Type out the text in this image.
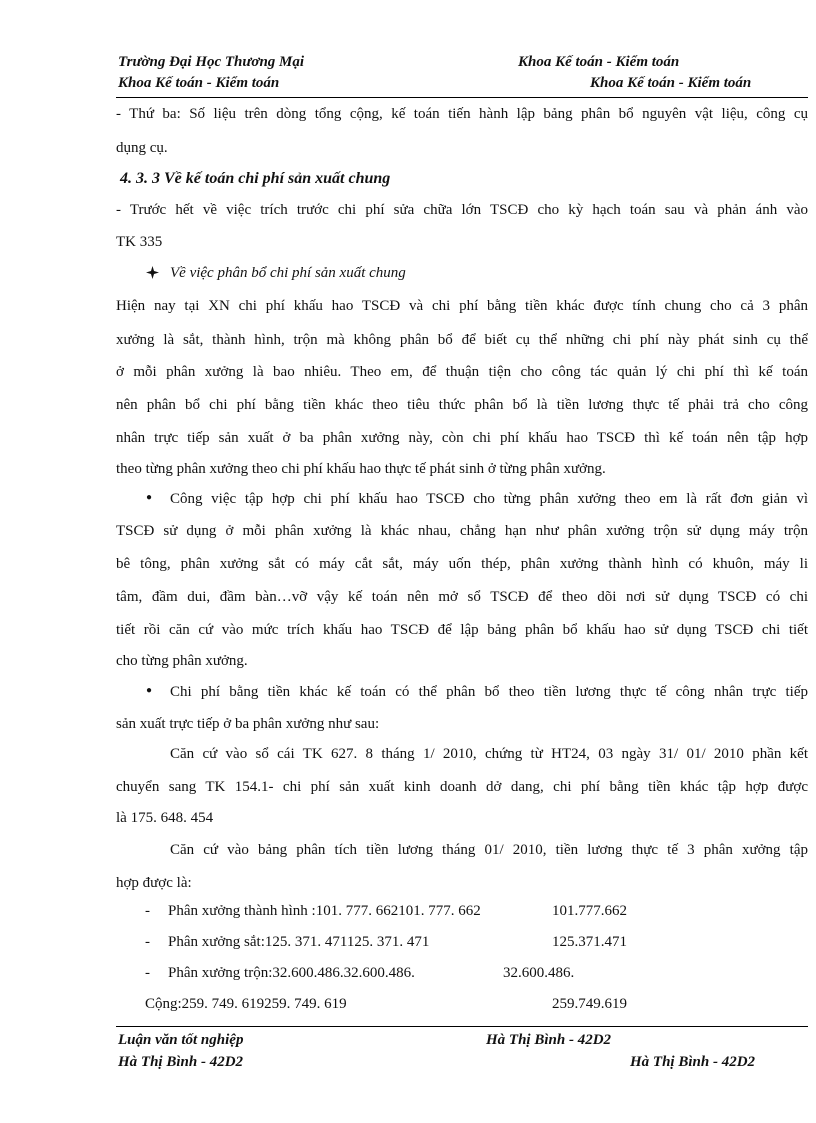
Trường Đại Học Thương Mại	Khoa Kế toán - Kiểm toán
Khoa Kế toán - Kiểm toán	Khoa Kế toán - Kiểm toán
- Thứ ba: Số liệu trên dòng tổng cộng, kế toán tiến hành lập bảng phân bổ nguyên vật liệu, công cụ
dụng cụ.
4. 3. 3 Về kế toán chi phí sản xuất chung
- Trước hết về việc trích trước chi phí sửa chữa lớn TSCĐ cho kỳ hạch toán sau và phản ánh vào
TK 335
Về việc phân bổ chi phí sản xuất chung
Hiện nay tại XN chi phí khấu hao TSCĐ và chi phí bằng tiền khác được tính chung cho cả 3 phân
xưởng là sắt, thành hình, trộn mà không phân bổ để biết cụ thể những chi phí này phát sinh cụ thể
ở mỗi phân xưởng là bao nhiêu. Theo em, để thuận tiện cho công tác quản lý chi phí thì kế toán
nên phân bổ chi phí bằng tiền khác theo tiêu thức phân bổ là tiền lương thực tế phải trả cho công
nhân trực tiếp sản xuất ở ba phân xưởng này, còn chi phí khấu hao TSCĐ thì kế toán nên tập hợp
theo từng phân xưởng theo chi phí khấu hao thực tế phát sinh ở từng phân xưởng.
● Công việc tập hợp chi phí khấu hao TSCĐ cho từng phân xưởng theo em là rất đơn giản vì
TSCĐ sử dụng ở mỗi phân xưởng là khác nhau, chẳng hạn như phân xưởng trộn sử dụng máy trộn
bê tông, phân xưởng sắt có máy cắt sắt, máy uốn thép, phân xưởng thành hình có khuôn, máy li
tâm, đầm dui, đầm bàn…vỡ vậy kế toán nên mở sổ TSCĐ để theo dõi nơi sử dụng TSCĐ có chi
tiết rồi căn cứ vào mức trích khấu hao TSCĐ để lập bảng phân bổ khấu hao sử dụng TSCĐ chi tiết
cho từng phân xưởng.
● Chi phí bằng tiền khác kế toán có thể phân bổ theo tiền lương thực tế công nhân trực tiếp
sản xuất trực tiếp ở ba phân xưởng như sau:
Căn cứ vào sổ cái TK 627. 8 tháng 1/ 2010, chứng từ HT24, 03 ngày 31/ 01/ 2010 phần kết
chuyển sang TK 154.1- chi phí sản xuất kinh doanh dở dang, chi phí bằng tiền khác tập hợp được
là 175. 648. 454
Căn cứ vào bảng phân tích tiền lương tháng 01/ 2010, tiền lương thực tế 3 phân xưởng tập
hợp được là:
- Phân xưởng thành hình :101. 777. 662101. 777. 662	101.777.662
- Phân xưởng sắt:125. 371. 471125. 371. 471	125.371.471
- Phân xưởng trộn:32.600.486.32.600.486.	32.600.486.
Cộng:259. 749. 619259. 749. 619	259.749.619
Luận văn tốt nghiệp	Hà Thị Bình - 42D2
Hà Thị Bình - 42D2	Hà Thị Bình - 42D2
